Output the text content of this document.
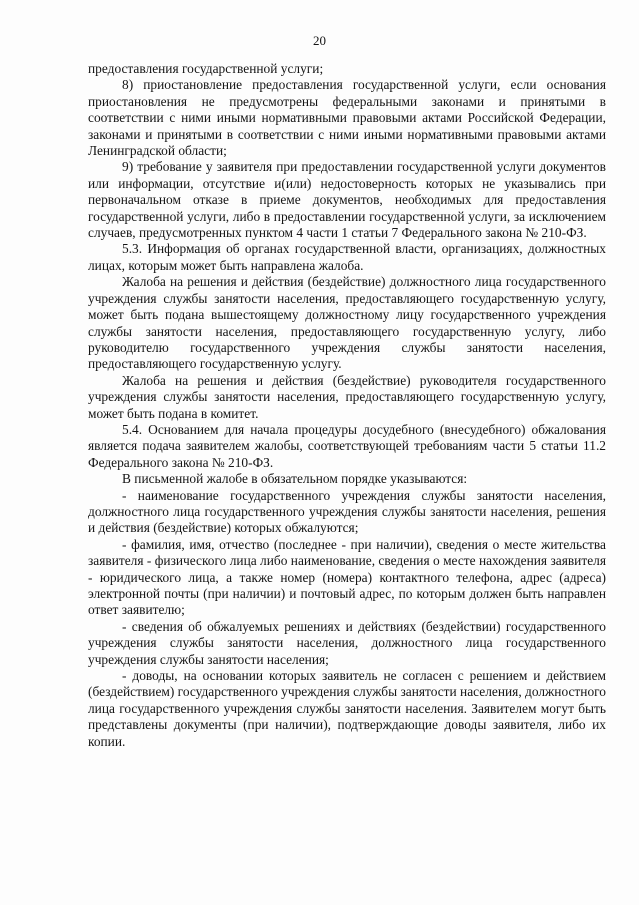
20

предоставления государственной услуги;

8) приостановление предоставления государственной услуги, если основания приостановления не предусмотрены федеральными законами и принятыми в соответствии с ними иными нормативными правовыми актами Российской Федерации, законами и принятыми в соответствии с ними иными нормативными правовыми актами Ленинградской области;

9) требование у заявителя при предоставлении государственной услуги документов или информации, отсутствие и(или) недостоверность которых не указывались при первоначальном отказе в приеме документов, необходимых для предоставления государственной услуги, либо в предоставлении государственной услуги, за исключением случаев, предусмотренных пунктом 4 части 1 статьи 7 Федерального закона № 210-ФЗ.

5.3. Информация об органах государственной власти, организациях, должностных лицах, которым может быть направлена жалоба.

Жалоба на решения и действия (бездействие) должностного лица государственного учреждения службы занятости населения, предоставляющего государственную услугу, может быть подана вышестоящему должностному лицу государственного учреждения службы занятости населения, предоставляющего государственную услугу, либо руководителю государственного учреждения службы занятости населения, предоставляющего государственную услугу.

Жалоба на решения и действия (бездействие) руководителя государственного учреждения службы занятости населения, предоставляющего государственную услугу, может быть подана в комитет.

5.4. Основанием для начала процедуры досудебного (внесудебного) обжалования является подача заявителем жалобы, соответствующей требованиям части 5 статьи 11.2 Федерального закона № 210-ФЗ.

В письменной жалобе в обязательном порядке указываются:

- наименование государственного учреждения службы занятости населения, должностного лица государственного учреждения службы занятости населения, решения и действия (бездействие) которых обжалуются;

- фамилия, имя, отчество (последнее - при наличии), сведения о месте жительства заявителя - физического лица либо наименование, сведения о месте нахождения заявителя - юридического лица, а также номер (номера) контактного телефона, адрес (адреса) электронной почты (при наличии) и почтовый адрес, по которым должен быть направлен ответ заявителю;

- сведения об обжалуемых решениях и действиях (бездействии) государственного учреждения службы занятости населения, должностного лица государственного учреждения службы занятости населения;

- доводы, на основании которых заявитель не согласен с решением и действием (бездействием) государственного учреждения службы занятости населения, должностного лица государственного учреждения службы занятости населения. Заявителем могут быть представлены документы (при наличии), подтверждающие доводы заявителя, либо их копии.
